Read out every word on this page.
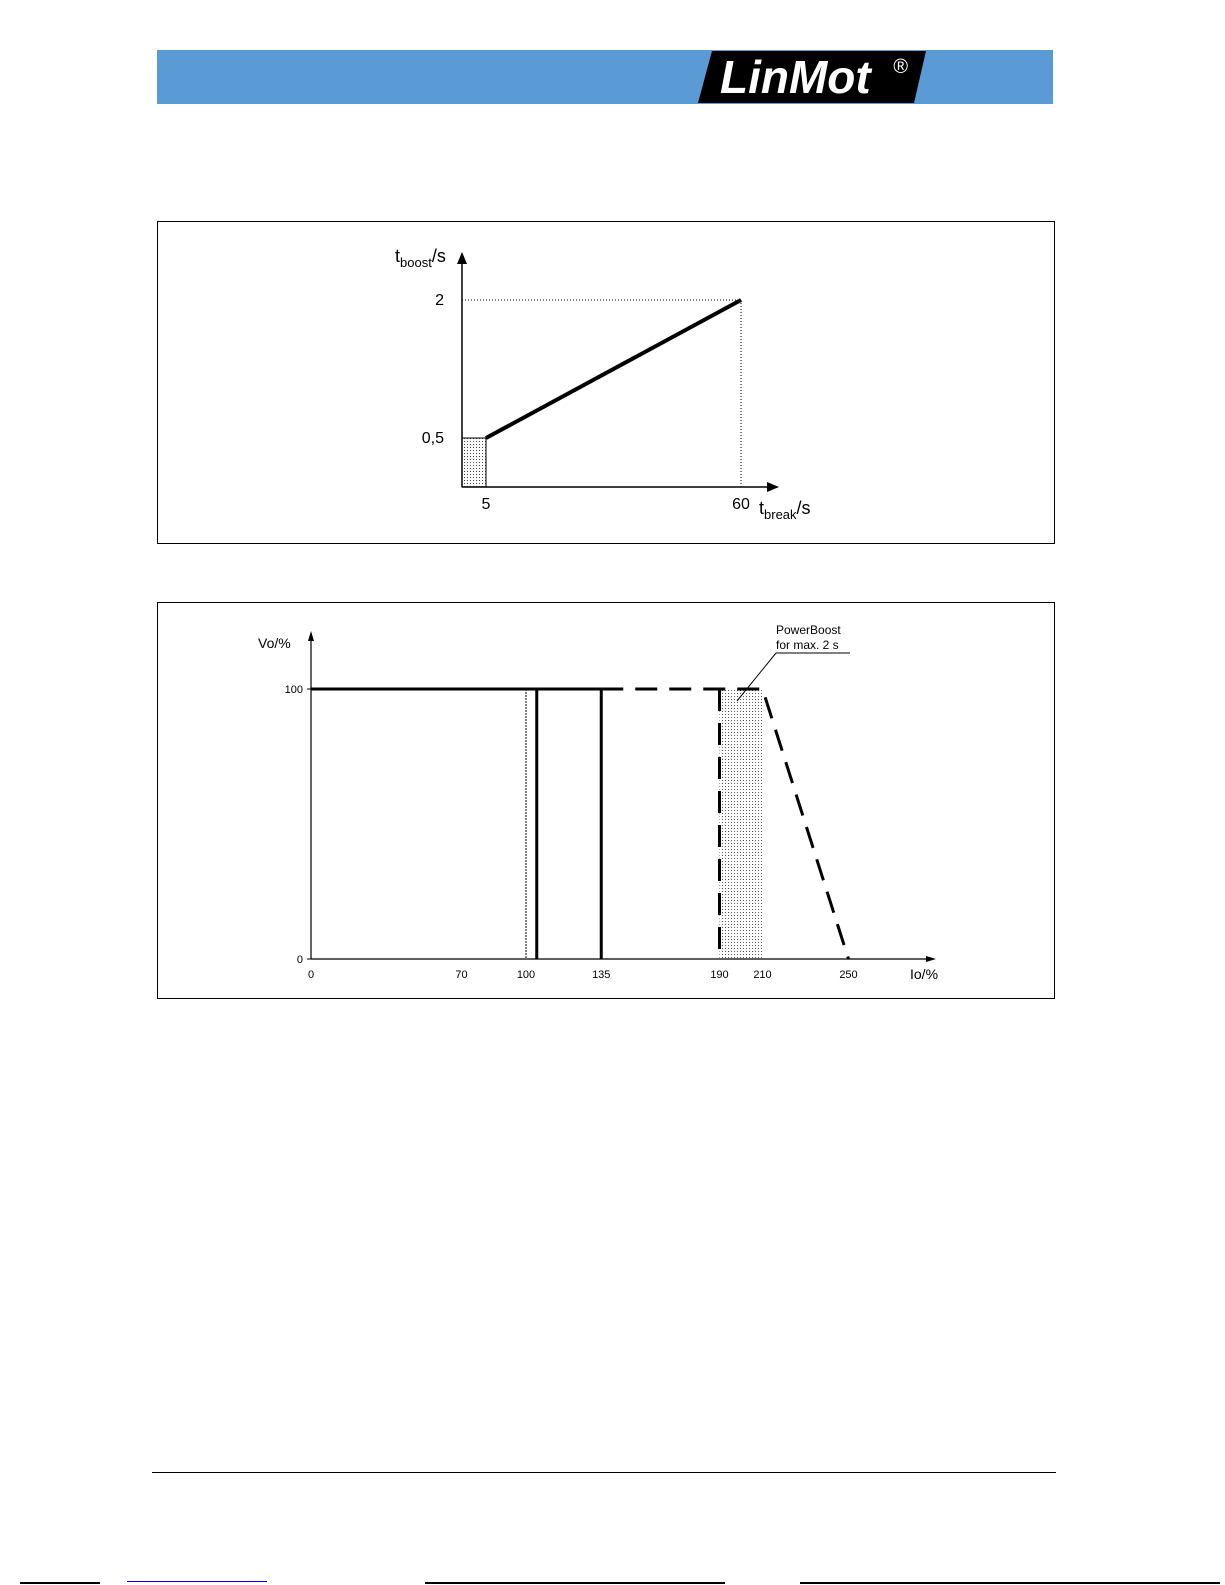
LinMot ®
5	60
0,5
2
$t_{boost}/s$
$t_{break}/s$
0	70	100	135	190 210	250
0
100
Vo/%
Io/%
PowerBoost
for max. 2 s
